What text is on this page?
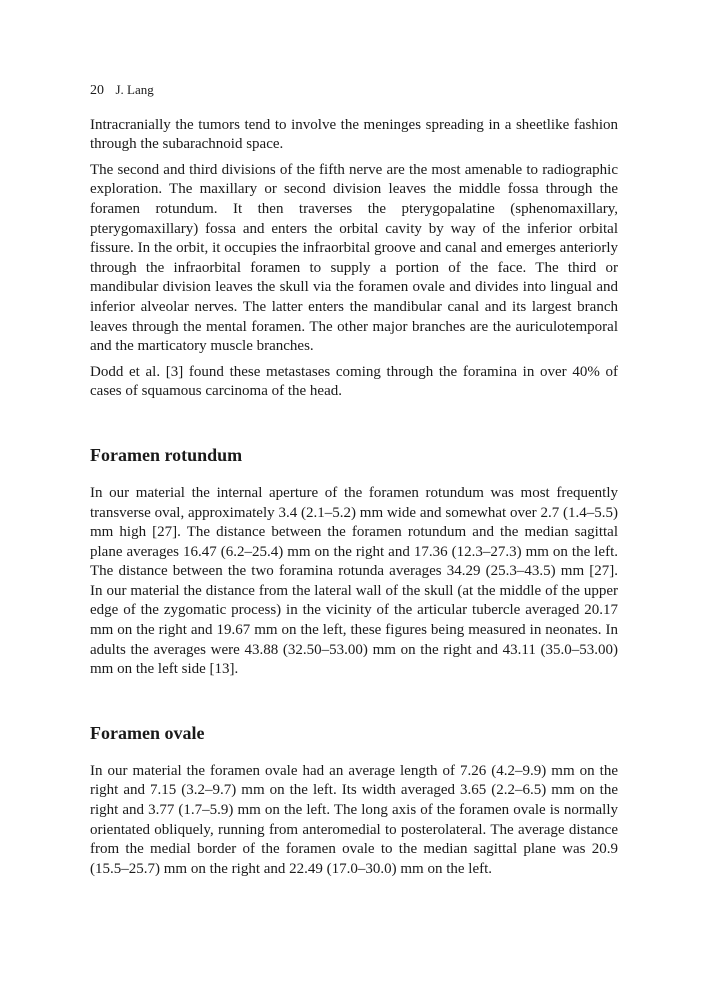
20 J. Lang

Intracranially the tumors tend to involve the meninges spreading in a sheetlike fashion through the subarachnoid space.

The second and third divisions of the fifth nerve are the most amenable to radiographic exploration. The maxillary or second division leaves the middle fossa through the foramen rotundum. It then traverses the pterygopalatine (sphenomaxillary, pterygomaxillary) fossa and enters the orbital cavity by way of the inferior orbital fissure. In the orbit, it occupies the infraorbital groove and canal and emerges anteriorly through the infraorbital foramen to supply a portion of the face. The third or mandibular division leaves the skull via the foramen ovale and divides into lingual and inferior alveolar nerves. The latter enters the mandibular canal and its largest branch leaves through the mental foramen. The other major branches are the auriculotemporal and the marticatory muscle branches.

Dodd et al. [3] found these metastases coming through the foramina in over 40% of cases of squamous carcinoma of the head.

Foramen rotundum

In our material the internal aperture of the foramen rotundum was most frequently transverse oval, approximately 3.4 (2.1–5.2) mm wide and somewhat over 2.7 (1.4–5.5) mm high [27]. The distance between the foramen rotundum and the median sagittal plane averages 16.47 (6.2–25.4) mm on the right and 17.36 (12.3–27.3) mm on the left. The distance between the two foramina rotunda averages 34.29 (25.3–43.5) mm [27]. In our material the distance from the lateral wall of the skull (at the middle of the upper edge of the zygomatic process) in the vicinity of the articular tubercle averaged 20.17 mm on the right and 19.67 mm on the left, these figures being measured in neonates. In adults the averages were 43.88 (32.50–53.00) mm on the right and 43.11 (35.0–53.00) mm on the left side [13].

Foramen ovale

In our material the foramen ovale had an average length of 7.26 (4.2–9.9) mm on the right and 7.15 (3.2–9.7) mm on the left. Its width averaged 3.65 (2.2–6.5) mm on the right and 3.77 (1.7–5.9) mm on the left. The long axis of the foramen ovale is normally orientated obliquely, running from anteromedial to posterolateral. The average distance from the medial border of the foramen ovale to the median sagittal plane was 20.9 (15.5–25.7) mm on the right and 22.49 (17.0–30.0) mm on the left.
